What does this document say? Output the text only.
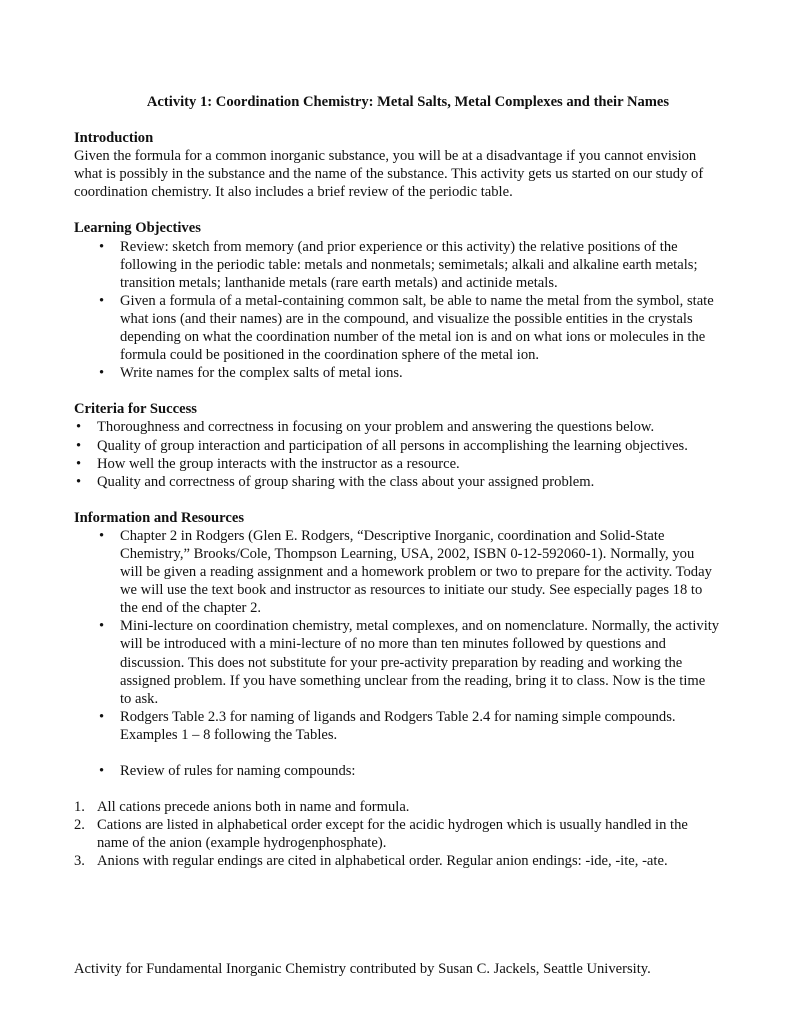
Activity 1: Coordination Chemistry: Metal Salts, Metal Complexes and their Names

Introduction

Given the formula for a common inorganic substance, you will be at a disadvantage if you cannot envision what is possibly in the substance and the name of the substance. This activity gets us started on our study of coordination chemistry. It also includes a brief review of the periodic table.

Learning Objectives

• Review: sketch from memory (and prior experience or this activity) the relative positions of the following in the periodic table: metals and nonmetals; semimetals; alkali and alkaline earth metals; transition metals; lanthanide metals (rare earth metals) and actinide metals.
• Given a formula of a metal-containing common salt, be able to name the metal from the symbol, state what ions (and their names) are in the compound, and visualize the possible entities in the crystals depending on what the coordination number of the metal ion is and on what ions or molecules in the formula could be positioned in the coordination sphere of the metal ion.
• Write names for the complex salts of metal ions.

Criteria for Success

• Thoroughness and correctness in focusing on your problem and answering the questions below.
• Quality of group interaction and participation of all persons in accomplishing the learning objectives.
• How well the group interacts with the instructor as a resource.
• Quality and correctness of group sharing with the class about your assigned problem.

Information and Resources

• Chapter 2 in Rodgers (Glen E. Rodgers, “Descriptive Inorganic, coordination and Solid-State Chemistry,” Brooks/Cole, Thompson Learning, USA, 2002, ISBN 0-12-592060-1). Normally, you will be given a reading assignment and a homework problem or two to prepare for the activity. Today we will use the text book and instructor as resources to initiate our study. See especially pages 18 to the end of the chapter 2.
• Mini-lecture on coordination chemistry, metal complexes, and on nomenclature. Normally, the activity will be introduced with a mini-lecture of no more than ten minutes followed by questions and discussion. This does not substitute for your pre-activity preparation by reading and working the assigned problem. If you have something unclear from the reading, bring it to class. Now is the time to ask.
• Rodgers Table 2.3 for naming of ligands and Rodgers Table 2.4 for naming simple compounds. Examples 1 – 8 following the Tables.
• Review of rules for naming compounds:
1. All cations precede anions both in name and formula.
2. Cations are listed in alphabetical order except for the acidic hydrogen which is usually handled in the name of the anion (example hydrogenphosphate).
3. Anions with regular endings are cited in alphabetical order. Regular anion endings: -ide, -ite, -ate.

Activity for Fundamental Inorganic Chemistry contributed by Susan C. Jackels, Seattle University.
